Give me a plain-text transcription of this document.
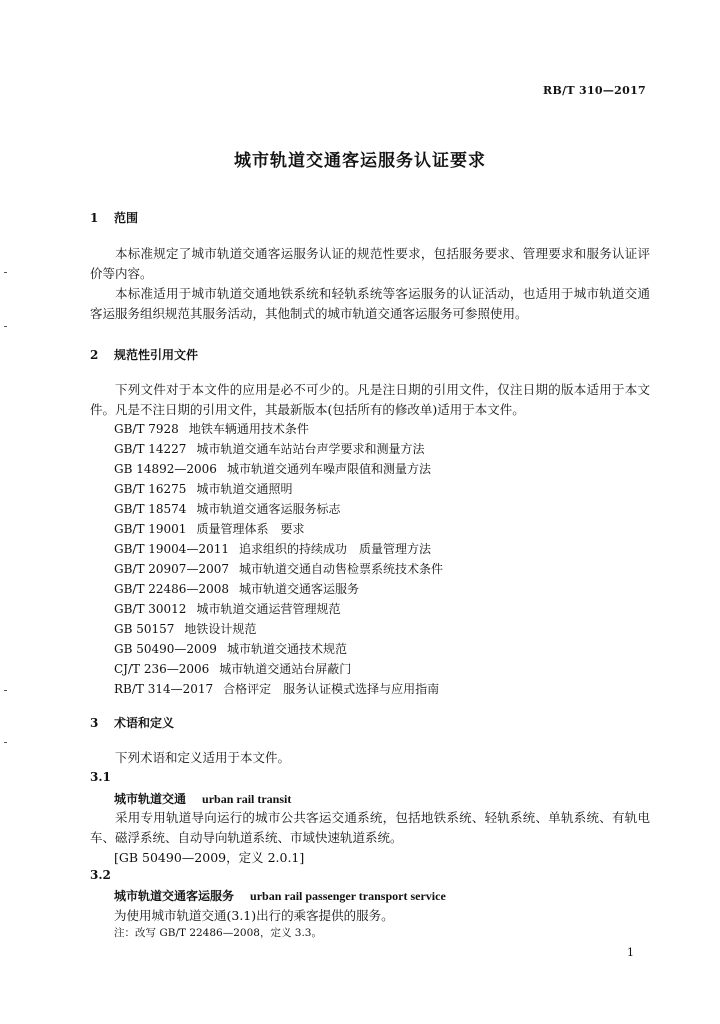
RB/T 310—2017
城市轨道交通客运服务认证要求
1 范围
本标准规定了城市轨道交通客运服务认证的规范性要求，包括服务要求、管理要求和服务认证评价等内容。
本标准适用于城市轨道交通地铁系统和轻轨系统等客运服务的认证活动，也适用于城市轨道交通客运服务组织规范其服务活动，其他制式的城市轨道交通客运服务可参照使用。
2 规范性引用文件
下列文件对于本文件的应用是必不可少的。凡是注日期的引用文件，仅注日期的版本适用于本文件。凡是不注日期的引用文件，其最新版本(包括所有的修改单)适用于本文件。
GB/T 7928 地铁车辆通用技术条件
GB/T 14227 城市轨道交通车站站台声学要求和测量方法
GB 14892—2006 城市轨道交通列车噪声限值和测量方法
GB/T 16275 城市轨道交通照明
GB/T 18574 城市轨道交通客运服务标志
GB/T 19001 质量管理体系　要求
GB/T 19004—2011 追求组织的持续成功　质量管理方法
GB/T 20907—2007 城市轨道交通自动售检票系统技术条件
GB/T 22486—2008 城市轨道交通客运服务
GB/T 30012 城市轨道交通运营管理规范
GB 50157 地铁设计规范
GB 50490—2009 城市轨道交通技术规范
CJ/T 236—2006 城市轨道交通站台屏蔽门
RB/T 314—2017 合格评定　服务认证模式选择与应用指南
3 术语和定义
下列术语和定义适用于本文件。
3.1
城市轨道交通 urban rail transit
采用专用轨道导向运行的城市公共客运交通系统，包括地铁系统、轻轨系统、单轨系统、有轨电车、磁浮系统、自动导向轨道系统、市域快速轨道系统。
[GB 50490—2009，定义 2.0.1]
3.2
城市轨道交通客运服务 urban rail passenger transport service
为使用城市轨道交通(3.1)出行的乘客提供的服务。
注：改写 GB/T 22486—2008，定义 3.3。
1
